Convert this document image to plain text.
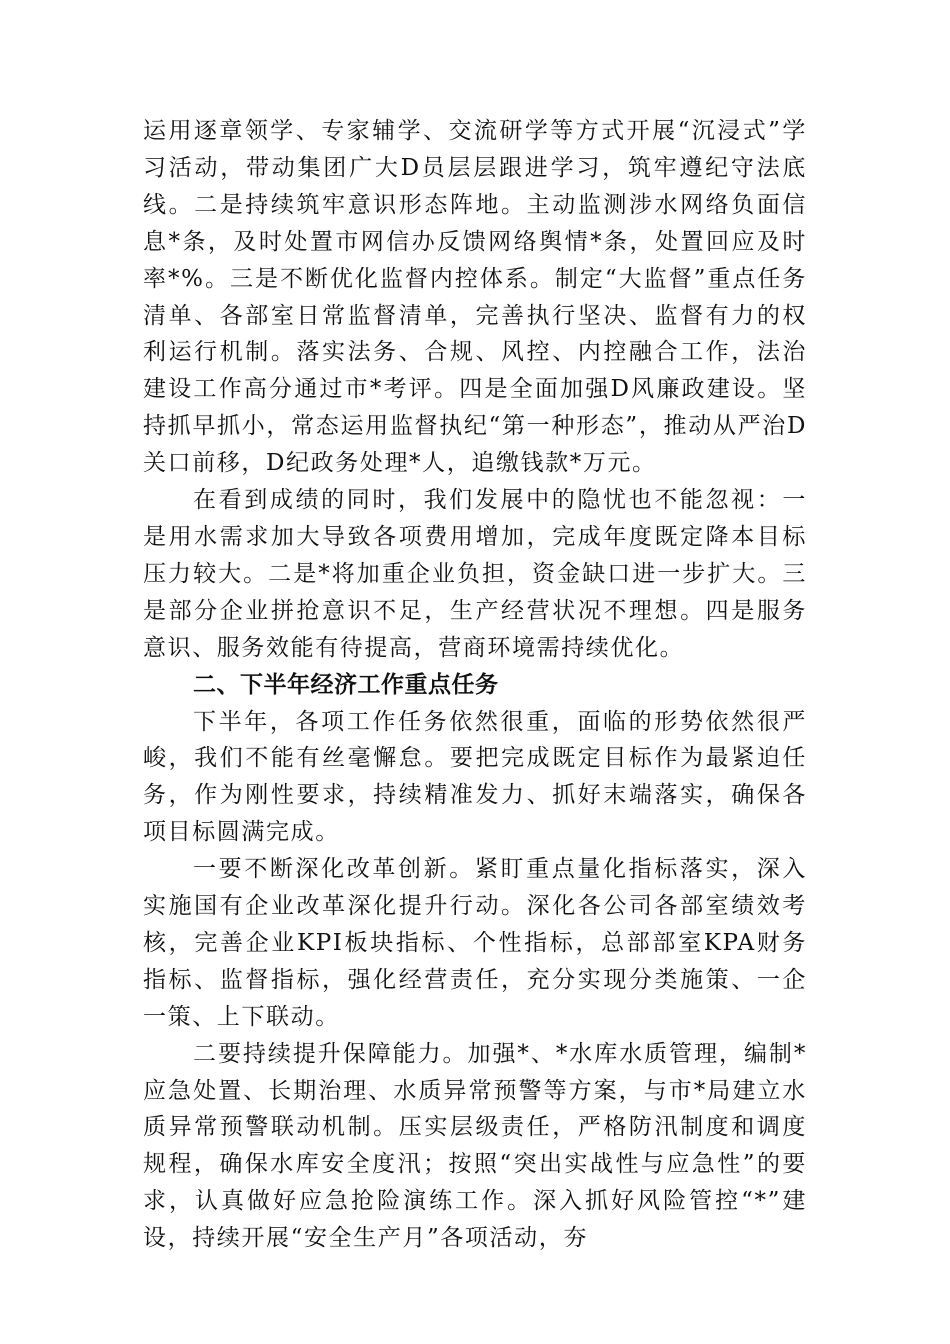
运用逐章领学、专家辅学、交流研学等方式开展“沉浸式”学习活动，带动集团广大D员层层跟进学习，筑牢遵纪守法底线。二是持续筑牢意识形态阵地。主动监测涉水网络负面信息*条，及时处置市网信办反馈网络舆情*条，处置回应及时率*%。三是不断优化监督内控体系。制定“大监督”重点任务清单、各部室日常监督清单，完善执行坚决、监督有力的权利运行机制。落实法务、合规、风控、内控融合工作，法治建设工作高分通过市*考评。四是全面加强D风廉政建设。坚持抓早抓小，常态运用监督执纪“第一种形态”，推动从严治D关口前移，D纪政务处理*人，追缴钱款*万元。

在看到成绩的同时，我们发展中的隐忧也不能忽视：一是用水需求加大导致各项费用增加，完成年度既定降本目标压力较大。二是*将加重企业负担，资金缺口进一步扩大。三是部分企业拼抢意识不足，生产经营状况不理想。四是服务意识、服务效能有待提高，营商环境需持续优化。

二、下半年经济工作重点任务

下半年，各项工作任务依然很重，面临的形势依然很严峻，我们不能有丝毫懈怠。要把完成既定目标作为最紧迫任务，作为刚性要求，持续精准发力、抓好末端落实，确保各项目标圆满完成。

一要不断深化改革创新。紧盯重点量化指标落实，深入实施国有企业改革深化提升行动。深化各公司各部室绩效考核，完善企业KPI板块指标、个性指标，总部部室KPA财务指标、监督指标，强化经营责任，充分实现分类施策、一企一策、上下联动。

二要持续提升保障能力。加强*、*水库水质管理，编制*应急处置、长期治理、水质异常预警等方案，与市*局建立水质异常预警联动机制。压实层级责任，严格防汛制度和调度规程，确保水库安全度汛；按照“突出实战性与应急性”的要求，认真做好应急抢险演练工作。深入抓好风险管控“*”建设，持续开展“安全生产月”各项活动，夯
